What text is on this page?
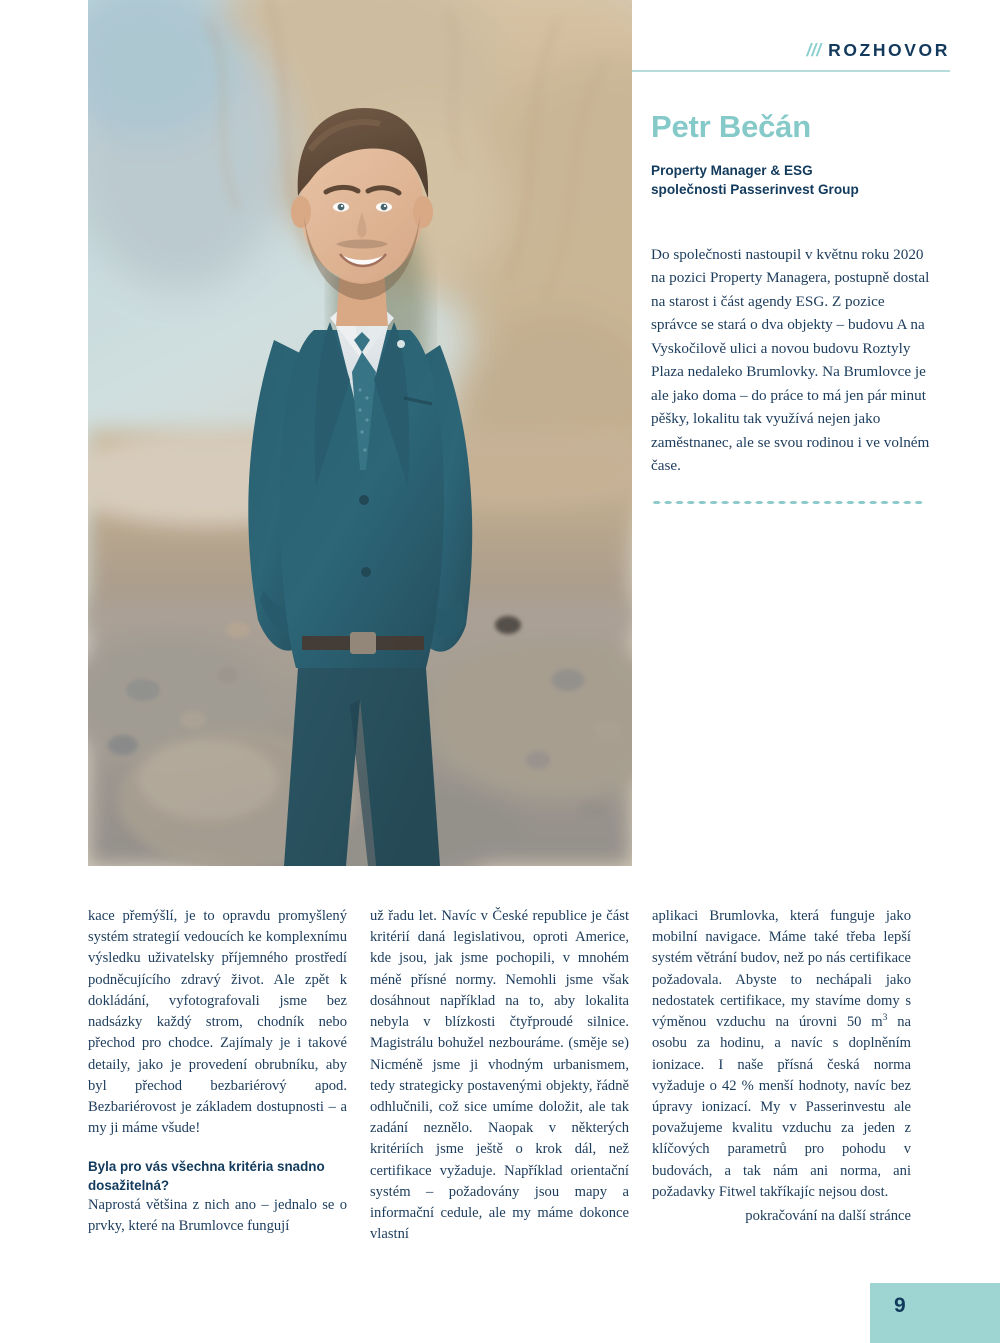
/// ROZHOVOR
Petr Bečán
Property Manager & ESG
společnosti Passerinvest Group
Do společnosti nastoupil v květnu roku 2020 na pozici Property Managera, postupně dostal na starost i část agendy ESG. Z pozice správce se stará o dva objekty – budovu A na Vyskočilově ulici a novou budovu Roztyly Plaza nedaleko Brumlovky. Na Brumlovce je ale jako doma – do práce to má jen pár minut pěšky, lokalitu tak využívá nejen jako zaměstnanec, ale se svou rodinou i ve volném čase.

kace přemýšlí, je to opravdu promyšlený systém strategií vedoucích ke komplexnímu výsledku uživatelsky příjemného prostředí podněcujícího zdravý život. Ale zpět k dokládání, vyfotografovali jsme bez nadsázky každý strom, chodník nebo přechod pro chodce. Zajímaly je i takové detaily, jako je provedení obrubníku, aby byl přechod bezbariérový apod. Bezbariérovost je základem dostupnosti – a my ji máme všude!

Byla pro vás všechna kritéria snadno dosažitelná?

Naprostá většina z nich ano – jednalo se o prvky, které na Brumlovce fungují

už řadu let. Navíc v České republice je část kritérií daná legislativou, oproti Americe, kde jsou, jak jsme pochopili, v mnohém méně přísné normy. Nemohli jsme však dosáhnout například na to, aby lokalita nebyla v blízkosti čtyřproudé silnice. Magistrálu bohužel nezbouráme. (směje se) Nicméně jsme ji vhodným urbanismem, tedy strategicky postavenými objekty, řádně odhlučnili, což sice umíme doložit, ale tak zadání neznělo. Naopak v některých kritériích jsme ještě o krok dál, než certifikace vyžaduje. Například orientační systém – požadovány jsou mapy a informační cedule, ale my máme dokonce vlastní

aplikaci Brumlovka, která funguje jako mobilní navigace. Máme také třeba lepší systém větrání budov, než po nás certifikace požadovala. Abyste to nechápali jako nedostatek certifikace, my stavíme domy s výměnou vzduchu na úrovni 50 $m^3$ na osobu za hodinu, a navíc s doplněním ionizace. I naše přísná česká norma vyžaduje o 42 % menší hodnoty, navíc bez úpravy ionizací. My v Passerinvestu ale považujeme kvalitu vzduchu za jeden z klíčových parametrů pro pohodu v budovách, a tak nám ani norma, ani požadavky Fitwel takříkajíc nejsou dost.

pokračování na další stránce

9
